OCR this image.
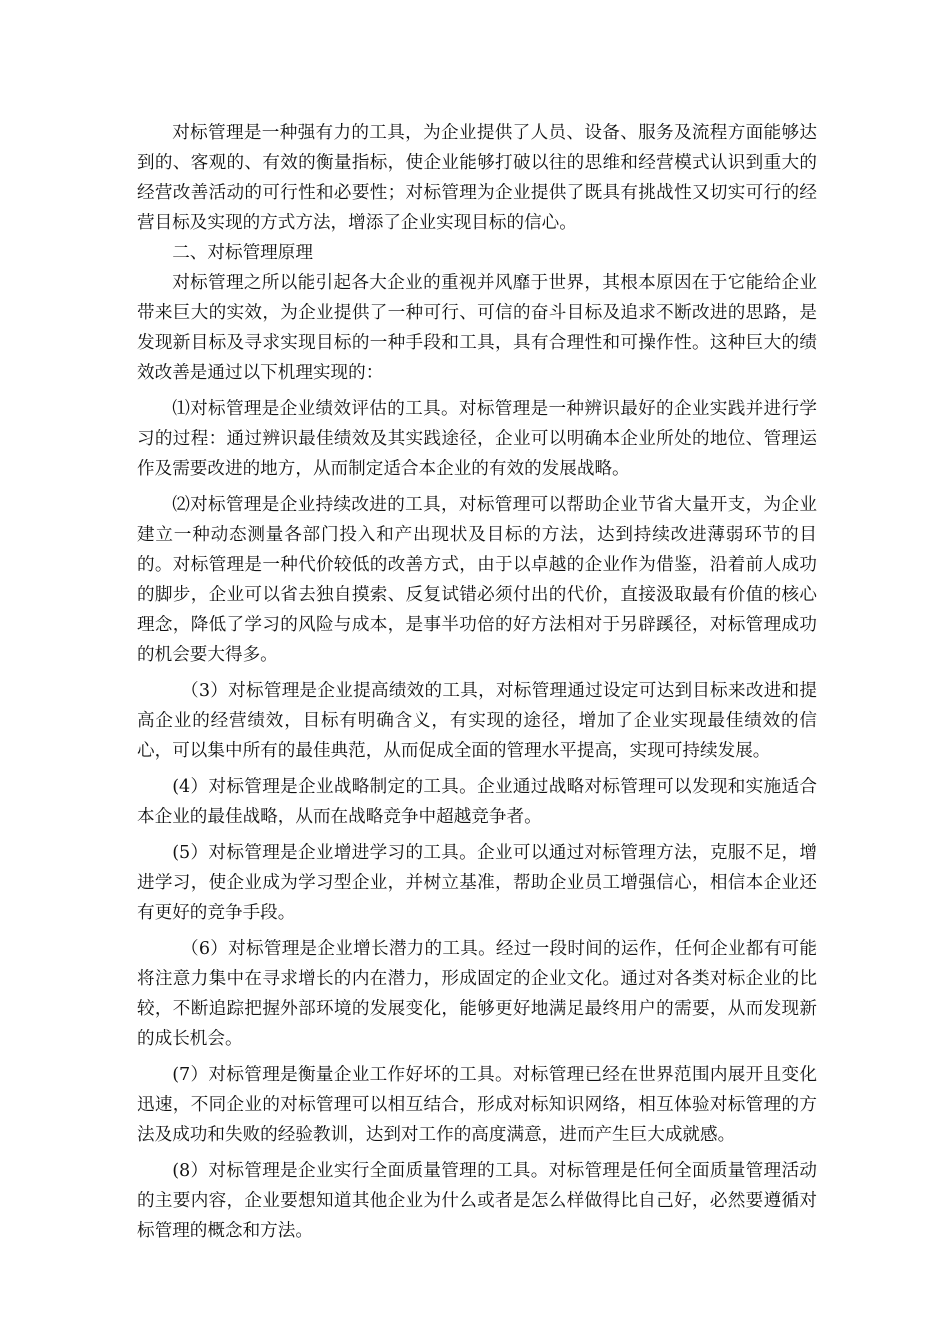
对标管理是一种强有力的工具，为企业提供了人员、设备、服务及流程方面能够达到的、客观的、有效的衡量指标，使企业能够打破以往的思维和经营模式认识到重大的经营改善活动的可行性和必要性；对标管理为企业提供了既具有挑战性又切实可行的经营目标及实现的方式方法，增添了企业实现目标的信心。

二、对标管理原理

对标管理之所以能引起各大企业的重视并风靡于世界，其根本原因在于它能给企业带来巨大的实效，为企业提供了一种可行、可信的奋斗目标及追求不断改进的思路，是发现新目标及寻求实现目标的一种手段和工具，具有合理性和可操作性。这种巨大的绩效改善是通过以下机理实现的：

⑴对标管理是企业绩效评估的工具。对标管理是一种辨识最好的企业实践并进行学习的过程：通过辨识最佳绩效及其实践途径，企业可以明确本企业所处的地位、管理运作及需要改进的地方，从而制定适合本企业的有效的发展战略。

⑵对标管理是企业持续改进的工具，对标管理可以帮助企业节省大量开支，为企业建立一种动态测量各部门投入和产出现状及目标的方法，达到持续改进薄弱环节的目的。对标管理是一种代价较低的改善方式，由于以卓越的企业作为借鉴，沿着前人成功的脚步，企业可以省去独自摸索、反复试错必须付出的代价，直接汲取最有价值的核心理念，降低了学习的风险与成本，是事半功倍的好方法相对于另辟蹊径，对标管理成功的机会要大得多。

（3）对标管理是企业提高绩效的工具，对标管理通过设定可达到目标来改进和提高企业的经营绩效，目标有明确含义，有实现的途径，增加了企业实现最佳绩效的信心，可以集中所有的最佳典范，从而促成全面的管理水平提高，实现可持续发展。

(4）对标管理是企业战略制定的工具。企业通过战略对标管理可以发现和实施适合本企业的最佳战略，从而在战略竞争中超越竞争者。

(5）对标管理是企业增进学习的工具。企业可以通过对标管理方法，克服不足，增进学习，使企业成为学习型企业，并树立基准，帮助企业员工增强信心，相信本企业还有更好的竞争手段。

（6）对标管理是企业增长潜力的工具。经过一段时间的运作，任何企业都有可能将注意力集中在寻求增长的内在潜力，形成固定的企业文化。通过对各类对标企业的比较，不断追踪把握外部环境的发展变化，能够更好地满足最终用户的需要，从而发现新的成长机会。

(7）对标管理是衡量企业工作好坏的工具。对标管理已经在世界范围内展开且变化迅速，不同企业的对标管理可以相互结合，形成对标知识网络，相互体验对标管理的方法及成功和失败的经验教训，达到对工作的高度满意，进而产生巨大成就感。

(8）对标管理是企业实行全面质量管理的工具。对标管理是任何全面质量管理活动的主要内容，企业要想知道其他企业为什么或者是怎么样做得比自己好，必然要遵循对标管理的概念和方法。
